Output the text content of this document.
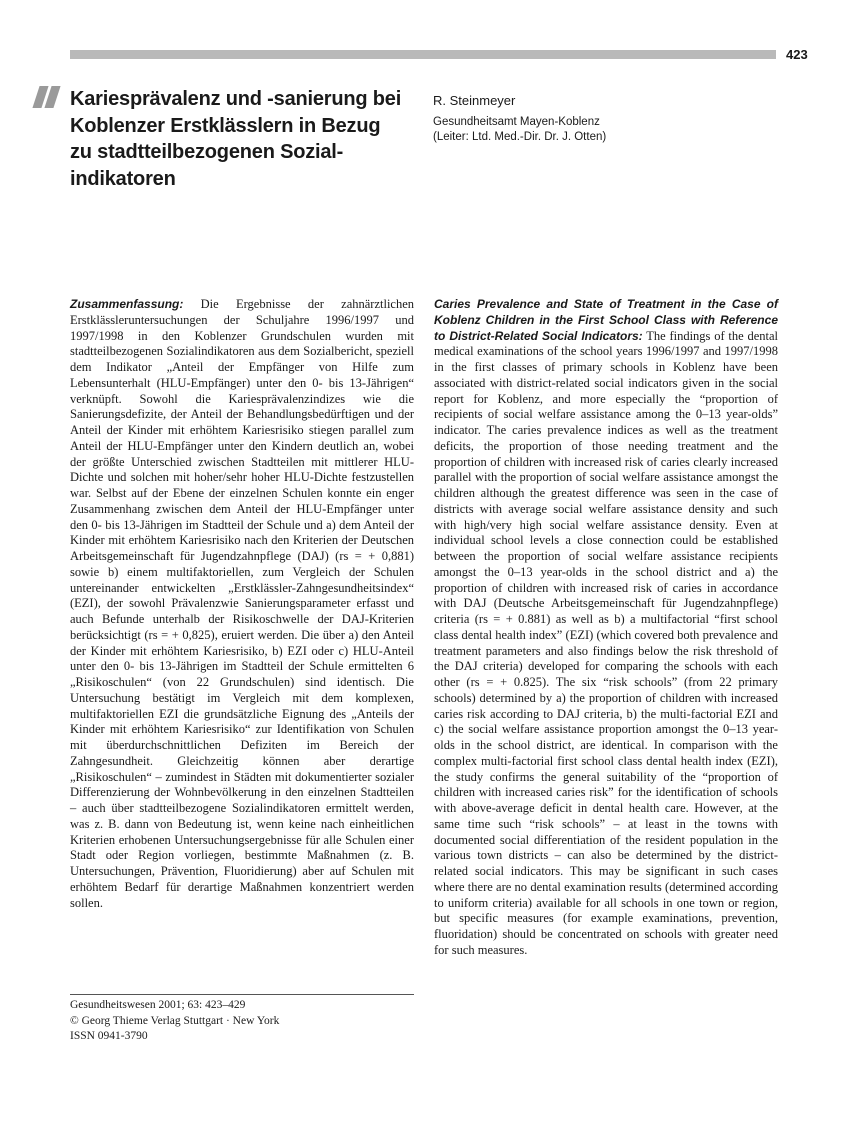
423
Kariesprävalenz und -sanierung bei
Koblenzer Erstklässlern in Bezug
zu stadtteilbezogenen Sozial-
indikatoren
R. Steinmeyer
Gesundheitsamt Mayen-Koblenz
(Leiter: Ltd. Med.-Dir. Dr. J. Otten)

Zusammenfassung: Die Ergebnisse der zahnärztlichen Erstklässleruntersuchungen der Schuljahre 1996/1997 und 1997/1998 in den Koblenzer Grundschulen wurden mit stadtteilbezogenen Sozialindikatoren aus dem Sozialbericht, speziell dem Indikator „Anteil der Empfänger von Hilfe zum Lebensunterhalt (HLU-Empfänger) unter den 0- bis 13-Jährigen“ verknüpft. Sowohl die Kariesprävalenzindizes wie die Sanierungsdefizite, der Anteil der Behandlungsbedürftigen und der Anteil der Kinder mit erhöhtem Kariesrisiko stiegen parallel zum Anteil der HLU-Empfänger unter den Kindern deutlich an, wobei der größte Unterschied zwischen Stadtteilen mit mittlerer HLU-Dichte und solchen mit hoher/sehr hoher HLU-Dichte festzustellen war. Selbst auf der Ebene der einzelnen Schulen konnte ein enger Zusammenhang zwischen dem Anteil der HLU-Empfänger unter den 0- bis 13-Jährigen im Stadtteil der Schule und a) dem Anteil der Kinder mit erhöhtem Kariesrisiko nach den Kriterien der Deutschen Arbeitsgemeinschaft für Jugendzahnpflege (DAJ) (rs = + 0,881) sowie b) einem multifaktoriellen, zum Vergleich der Schulen untereinander entwickelten „Erstklässler-Zahngesundheitsindex“ (EZI), der sowohl Prävalenzwie Sanierungsparameter erfasst und auch Befunde unterhalb der Risikoschwelle der DAJ-Kriterien berücksichtigt (rs = + 0,825), eruiert werden. Die über a) den Anteil der Kinder mit erhöhtem Kariesrisiko, b) EZI oder c) HLU-Anteil unter den 0- bis 13-Jährigen im Stadtteil der Schule ermittelten 6 „Risikoschulen“ (von 22 Grundschulen) sind identisch. Die Untersuchung bestätigt im Vergleich mit dem komplexen, multifaktoriellen EZI die grundsätzliche Eignung des „Anteils der Kinder mit erhöhtem Kariesrisiko“ zur Identifikation von Schulen mit überdurchschnittlichen Defiziten im Bereich der Zahngesundheit. Gleichzeitig können aber derartige „Risikoschulen“ – zumindest in Städten mit dokumentierter sozialer Differenzierung der Wohnbevölkerung in den einzelnen Stadtteilen – auch über stadtteilbezogene Sozialindikatoren ermittelt werden, was z. B. dann von Bedeutung ist, wenn keine nach einheitlichen Kriterien erhobenen Untersuchungsergebnisse für alle Schulen einer Stadt oder Region vorliegen, bestimmte Maßnahmen (z. B. Untersuchungen, Prävention, Fluoridierung) aber auf Schulen mit erhöhtem Bedarf für derartige Maßnahmen konzentriert werden sollen.

Caries Prevalence and State of Treatment in the Case of Koblenz Children in the First School Class with Reference to District-Related Social Indicators: The findings of the dental medical examinations of the school years 1996/1997 and 1997/1998 in the first classes of primary schools in Koblenz have been associated with district-related social indicators given in the social report for Koblenz, and more especially the “proportion of recipients of social welfare assistance among the 0–13 year-olds” indicator. The caries prevalence indices as well as the treatment deficits, the proportion of those needing treatment and the proportion of children with increased risk of caries clearly increased parallel with the proportion of social welfare assistance amongst the children although the greatest difference was seen in the case of districts with average social welfare assistance density and such with high/very high social welfare assistance density. Even at individual school levels a close connection could be established between the proportion of social welfare assistance recipients amongst the 0–13 year-olds in the school district and a) the proportion of children with increased risk of caries in accordance with DAJ (Deutsche Arbeitsgemeinschaft für Jugendzahnpflege) criteria (rs = + 0.881) as well as b) a multifactorial “first school class dental health index” (EZI) (which covered both prevalence and treatment parameters and also findings below the risk threshold of the DAJ criteria) developed for comparing the schools with each other (rs = + 0.825). The six “risk schools” (from 22 primary schools) determined by a) the proportion of children with increased caries risk according to DAJ criteria, b) the multi-factorial EZI and c) the social welfare assistance proportion amongst the 0–13 year-olds in the school district, are identical. In comparison with the complex multi-factorial first school class dental health index (EZI), the study confirms the general suitability of the “proportion of children with increased caries risk” for the identification of schools with above-average deficit in dental health care. However, at the same time such “risk schools” – at least in the towns with documented social differentiation of the resident population in the various town districts – can also be determined by the district-related social indicators. This may be significant in such cases where there are no dental examination results (determined according to uniform criteria) available for all schools in one town or region, but specific measures (for example examinations, prevention, fluoridation) should be concentrated on schools with greater need for such measures.

Gesundheitswesen 2001; 63: 423–429
© Georg Thieme Verlag Stuttgart · New York
ISSN 0941-3790
